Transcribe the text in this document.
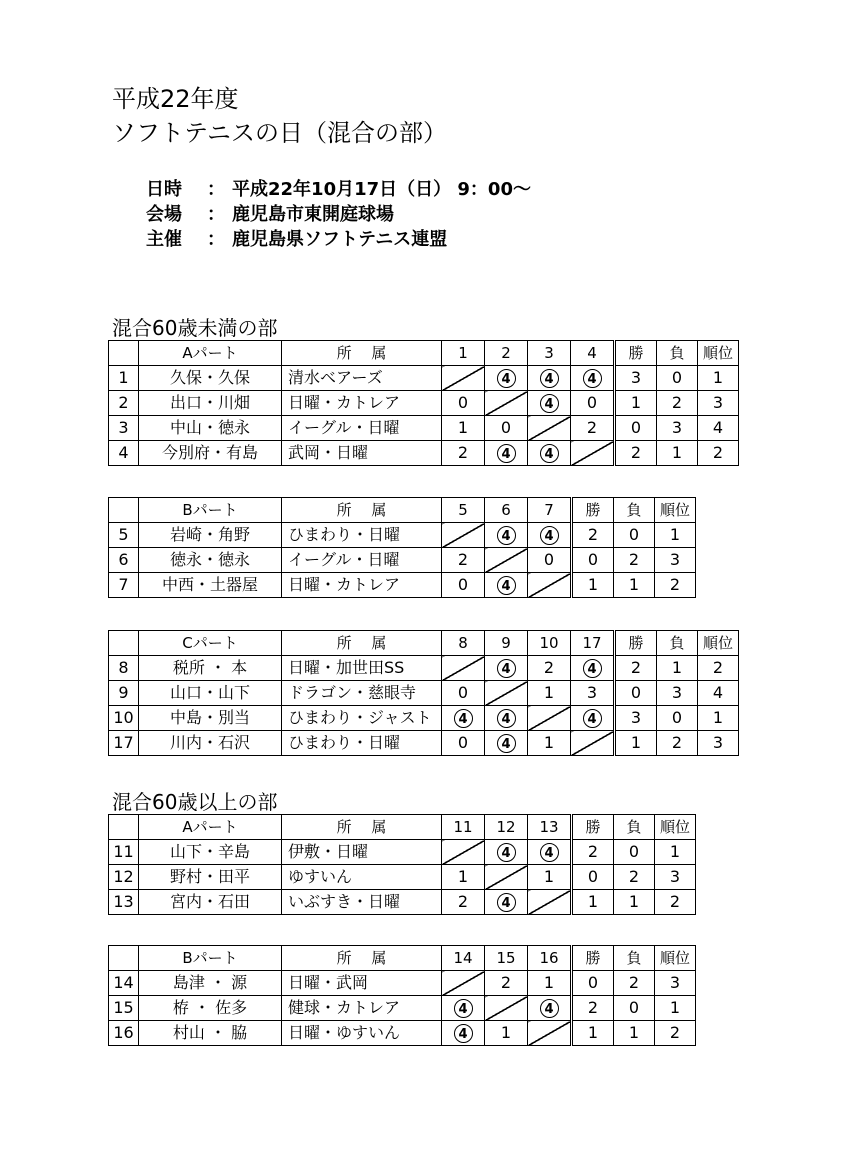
平成22年度
ソフトテニスの日（混合の部）
日時 ： 平成22年10月17日（日） 9：00～
会場 ： 鹿児島市東開庭球場
主催 ： 鹿児島県ソフトテニス連盟
混合60歳未満の部
混合60歳以上の部
	Aパート	所　 属	1	2	3	4		勝	負	順位
1	久保・久保	清水ベアーズ		4	4	4		3	0	1
2	出口・川畑	日曜・カトレア	0		4	0		1	2	3
3	中山・徳永	イーグル・日曜	1	0		2		0	3	4
4	今別府・有島	武岡・日曜	2	4	4			2	1	2
	Bパート	所　 属	5	6	7		勝	負	順位
5	岩崎・角野	ひまわり・日曜		4	4		2	0	1
6	徳永・徳永	イーグル・日曜	2		0		0	2	3
7	中西・土器屋	日曜・カトレア	0	4			1	1	2
	Cパート	所　 属	8	9	10	17		勝	負	順位
8	税所 ・ 本	日曜・加世田SS		4	2	4		2	1	2
9	山口・山下	ドラゴン・慈眼寺	0		1	3		0	3	4
10	中島・別当	ひまわり・ジャスト	4	4		4		3	0	1
17	川内・石沢	ひまわり・日曜	0	4	1			1	2	3
	Aパート	所　 属	11	12	13		勝	負	順位
11	山下・辛島	伊敷・日曜		4	4		2	0	1
12	野村・田平	ゆすいん	1		1		0	2	3
13	宮内・石田	いぶすき・日曜	2	4			1	1	2
	Bパート	所　 属	14	15	16		勝	負	順位
14	島津 ・ 源	日曜・武岡		2	1		0	2	3
15	栫 ・ 佐多	健球・カトレア	4		4		2	0	1
16	村山 ・ 脇	日曜・ゆすいん	4	1			1	1	2
